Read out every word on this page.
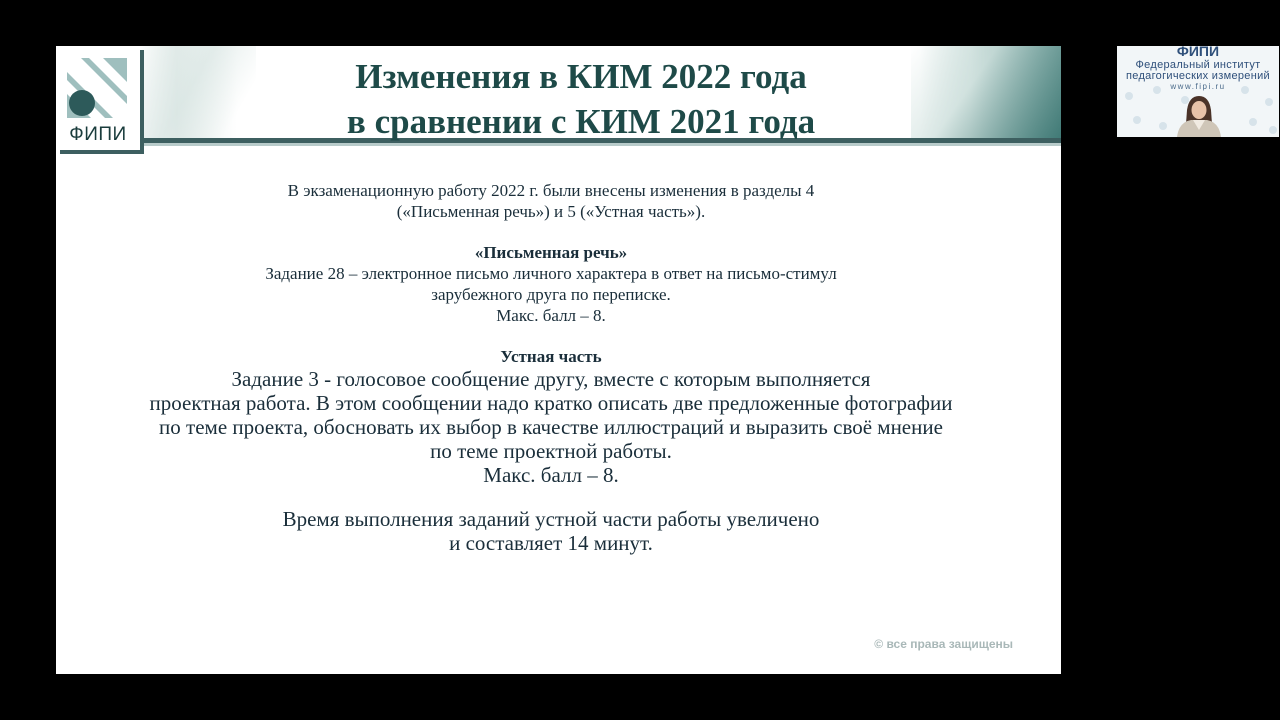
ФИПИ
Изменения в КИМ 2022 года
в сравнении с КИМ 2021 года

В экзаменационную работу 2022 г. были внесены изменения в разделы 4

(«Письменная речь») и 5 («Устная часть»).

«Письменная речь»

Задание 28 – электронное письмо личного характера в ответ на письмо-стимул

зарубежного друга по переписке.

Макс. балл – 8.

Устная часть

Задание 3 - голосовое сообщение другу, вместе с которым выполняется

проектная работа. В этом сообщении надо кратко описать две предложенные фотографии

по теме проекта, обосновать их выбор в качестве иллюстраций и выразить своё мнение

по теме проектной работы.

Макс. балл – 8.

Время выполнения заданий устной части работы увеличено

и составляет 14 минут.

© все права защищены
ФИПИ
Федеральный институт
педагогических измерений
www.fipi.ru
